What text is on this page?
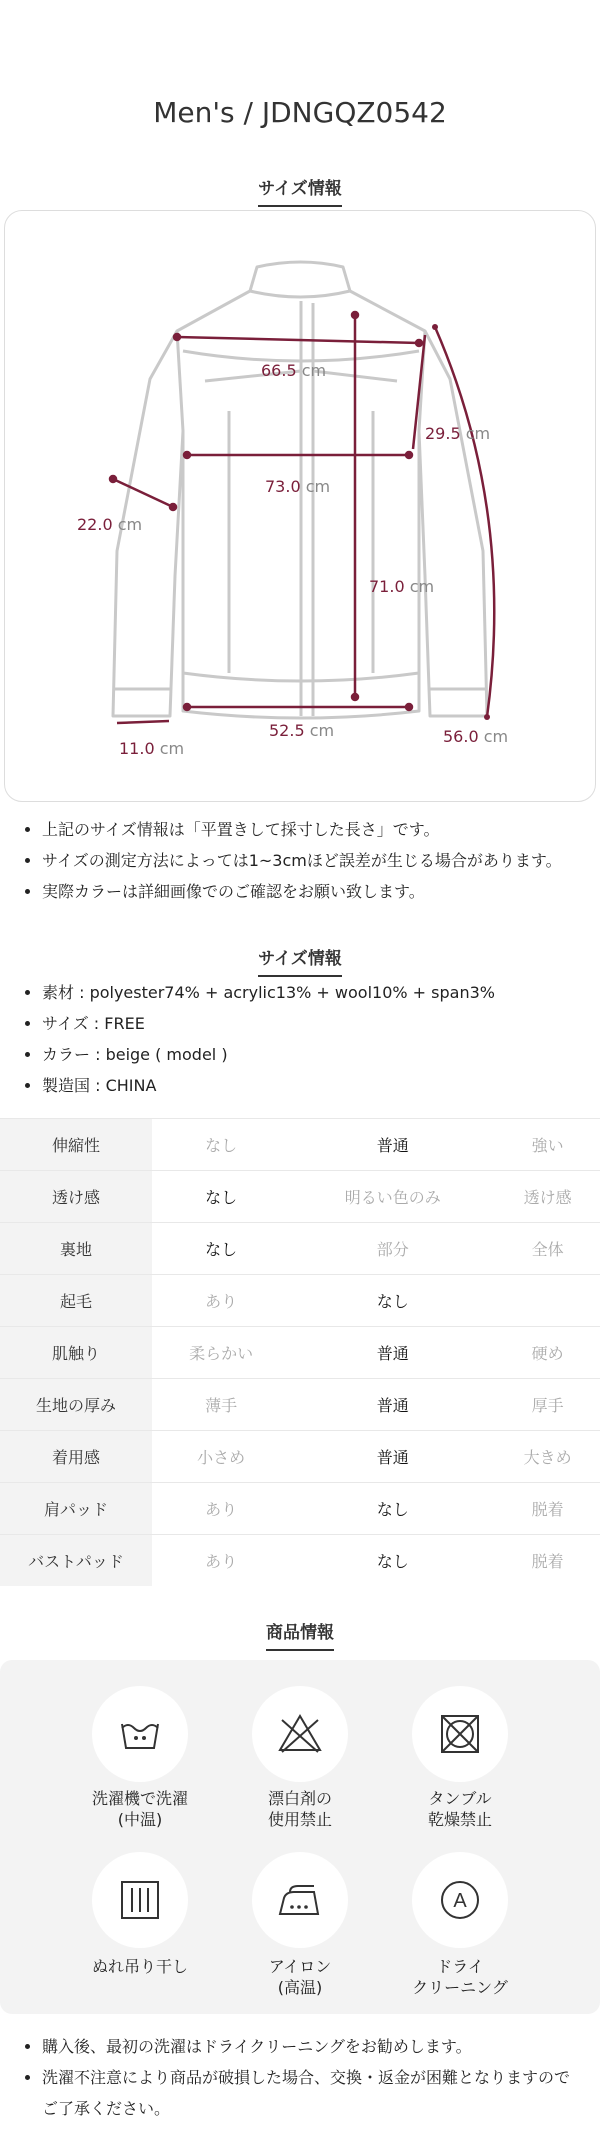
Men's / JDNGQZ0542
サイズ情報
66.5 cm
29.5 cm
73.0 cm
22.0 cm
71.0 cm
11.0 cm
52.5 cm	56.0 cm
• 上記のサイズ情報は「平置きして採寸した長さ」です。
• サイズの測定方法によっては1~3cmほど誤差が生じる場合があります。
• 実際カラーは詳細画像でのご確認をお願い致します。
サイズ情報
• 素材 : polyester74% + acrylic13% + wool10% + span3%
• サイズ : FREE
• カラー : beige ( model )
• 製造国 : CHINA
伸縮性	なし	普通	強い
透け感	なし	明るい色のみ	透け感
裏地	なし	部分	全体
起毛	あり	なし	
肌触り	柔らかい	普通	硬め
生地の厚み	薄手	普通	厚手
着用感	小さめ	普通	大きめ
肩パッド	あり	なし	脱着
バストパッド	あり	なし	脱着
商品情報
洗濯機で洗濯
(中温)
漂白剤の
使用禁止
タンブル
乾燥禁止
A
ぬれ吊り干し	アイロン
(高温)
ドライ
クリーニング
• 購入後、最初の洗濯はドライクリーニングをお勧めします。
• 洗濯不注意により商品が破損した場合、交換・返金が困難となりますので
ご了承ください。
